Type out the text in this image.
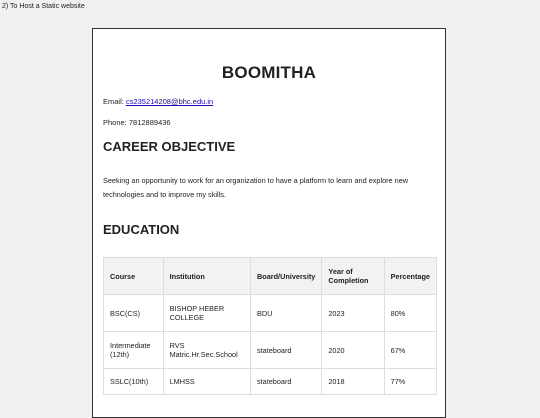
2) To Host a Static website
BOOMITHA

Email: cs235214208@bhc.edu.in

Phone: 7812889436

CAREER OBJECTIVE

Seeking an opportunity to work for an organization to have a platform to learn and explore new technologies and to improve my skills.

EDUCATION
Course	Institution	Board/University	Year of Completion	Percentage
BSC(CS)	BISHOP HEBER COLLEGE	BDU	2023	80%
Intermediate (12th)	RVS Matric.Hr.Sec.School	stateboard	2020	67%
SSLC(10th)	LMHSS	stateboard	2018	77%
